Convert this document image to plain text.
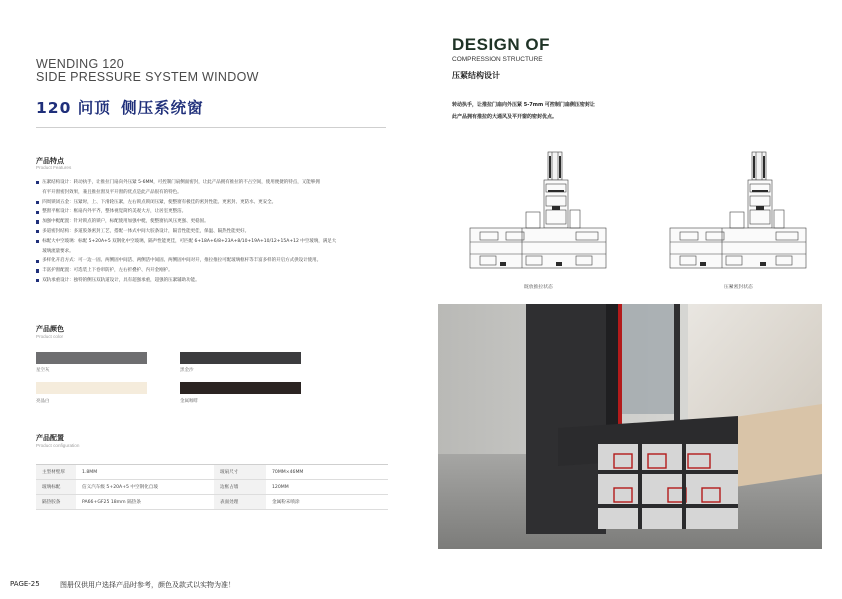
WENDING 120
SIDE PRESSURE SYSTEM WINDOW
120 问顶 侧压系统窗
产品特点
Product Features
压紧结构设计：转动执手，让推拉门扇向外压紧 5-6MM，可控制门扇侧面密封，让此产品拥有推拉的不占空间，使用便捷的特点，又能够拥
有平开窗密封效果，兼且推拉窗及平开窗的优点是此产品很有的特色。
四周锁闭五金：压紧时，上、下滑轮压紧，左右锁点锁闭压紧，使整窗有极佳的密封性能。更密封、更防水、更安全。
整窗平框设计：框扇内外平齐，整体视觉简约美观大方，让居室更整洁。
加强中梃配置：针对锁点的锁户，标配使用加强中梃，使整窗抗风压更强、更稳固。
多道密封结构：多道胶条密封工艺，搭配一体式中间大胶条设计，隔音性能更佳，保温、隔热性能更好。
标配大中空玻璃：标配 5+20A+5 双钢化中空玻璃，隔声性能更佳，可匹配 6+18A+6/8+23A+8/10+19A+10/12+15A+12 中空玻璃，满足大
玻璃流量要求。
多样化开启方式：可一边一固、两侧固中间活、两侧活中间固、两侧固中间对开，推拉推拉可配玻璃框杆等丰富多样的开启方式供设计使用。
丰富护窗配置：可选装上下卷帘防护，左右折叠护、内开金刚护。
双轨承重设计：独特的侧压双轨道设计，具有超强承重，超强的压紧辅助功能。
产品颜色
Product color
星空灰	黑金沙
亮晶白	金属咖啡
产品配置
Product configuration
主型材壁厚	1.8MM	玻扇尺寸	70MM×46MM
玻璃标配	信义汽车级 5+20A+5 中空钢化自玻	边框占墙	120MM
隔热胶条	PA66+GF25 18mm 隔热条	表面处理	金属粉末喷涂
PAGE-25	图册仅供用户选择产品时参考，颜色及款式以实物为准！
DESIGN OF
COMPRESSION STRUCTURE
压紧结构设计
转动执手，让推拉门扇向外压紧 5-7mm 可控制门扇侧压密封让
此产品拥有推拉的大通风及平开窗的密封优点。
既放推拉状态	压紧密封状态
